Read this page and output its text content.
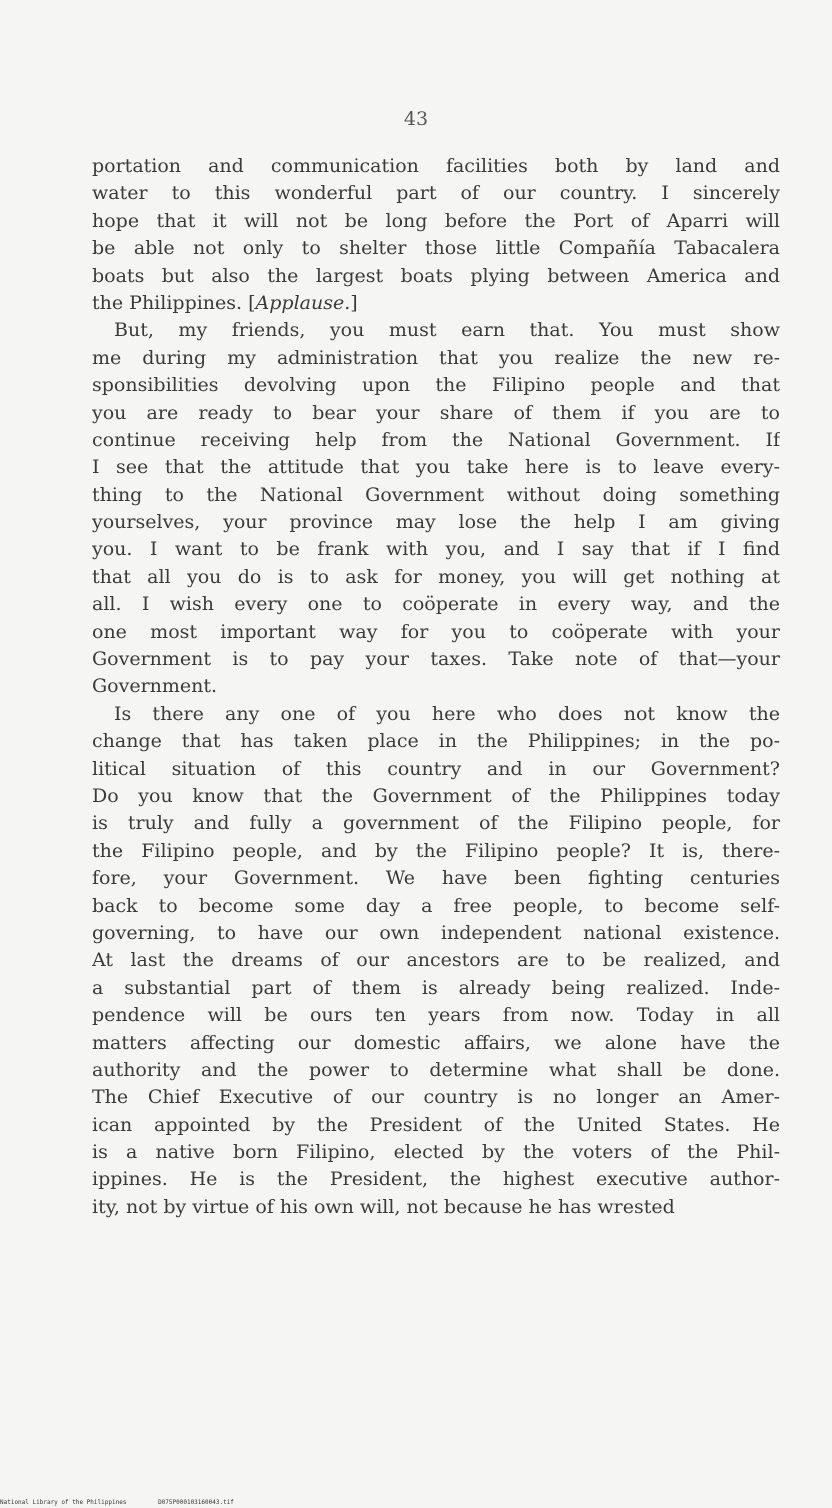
43
portation and communication facilities both by land and
water to this wonderful part of our country. I sincerely
hope that it will not be long before the Port of Aparri will
be able not only to shelter those little Compañía Tabacalera
boats but also the largest boats plying between America and
the Philippines. [Applause.]
But, my friends, you must earn that. You must show
me during my administration that you realize the new re-
sponsibilities devolving upon the Filipino people and that
you are ready to bear your share of them if you are to
continue receiving help from the National Government. If
I see that the attitude that you take here is to leave every-
thing to the National Government without doing something
yourselves, your province may lose the help I am giving
you. I want to be frank with you, and I say that if I find
that all you do is to ask for money, you will get nothing at
all. I wish every one to coöperate in every way, and the
one most important way for you to coöperate with your
Government is to pay your taxes. Take note of that—your
Government.
Is there any one of you here who does not know the
change that has taken place in the Philippines; in the po-
litical situation of this country and in our Government?
Do you know that the Government of the Philippines today
is truly and fully a government of the Filipino people, for
the Filipino people, and by the Filipino people? It is, there-
fore, your Government. We have been fighting centuries
back to become some day a free people, to become self-
governing, to have our own independent national existence.
At last the dreams of our ancestors are to be realized, and
a substantial part of them is already being realized. Inde-
pendence will be ours ten years from now. Today in all
matters affecting our domestic affairs, we alone have the
authority and the power to determine what shall be done.
The Chief Executive of our country is no longer an Amer-
ican appointed by the President of the United States. He
is a native born Filipino, elected by the voters of the Phil-
ippines. He is the President, the highest executive author-
ity, not by virtue of his own will, not because he has wrested
National Library of the Philippines	D075P000103160043.tif
